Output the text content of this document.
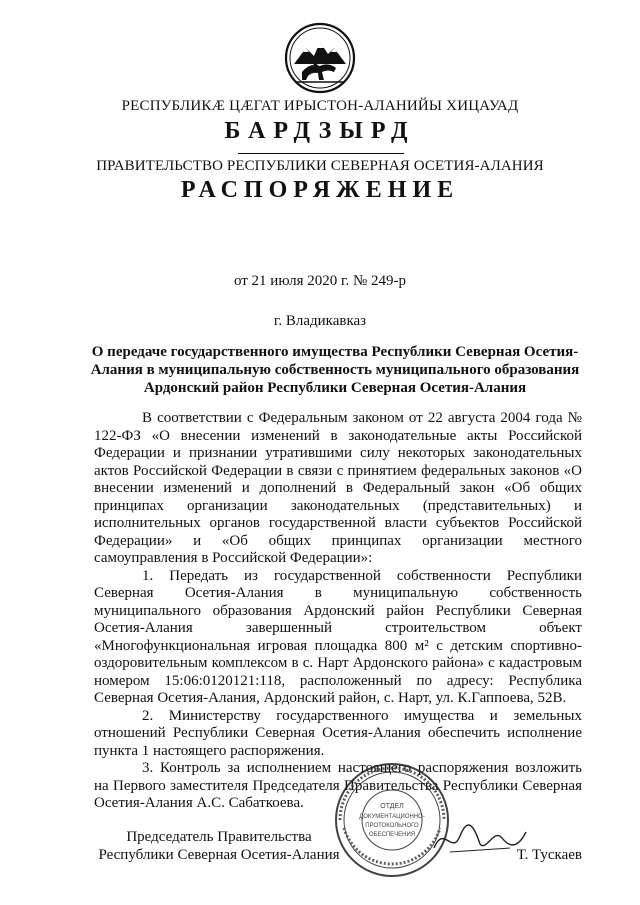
РЕСПУБЛИКӔ ЦӔГАТ ИРЫСТОН-АЛАНИЙЫ ХИЦАУАД
БАРДЗЫРД
ПРАВИТЕЛЬСТВО РЕСПУБЛИКИ СЕВЕРНАЯ ОСЕТИЯ-АЛАНИЯ
РАСПОРЯЖЕНИЕ
от 21 июля 2020 г. № 249-р
г. Владикавказ
О передаче государственного имущества Республики Северная Осетия-Алания в муниципальную собственность муниципального образования Ардонский район Республики Северная Осетия-Алания

В соответствии с Федеральным законом от 22 августа 2004 года № 122-ФЗ «О внесении изменений в законодательные акты Российской Федерации и признании утратившими силу некоторых законодательных актов Российской Федерации в связи с принятием федеральных законов «О внесении изменений и дополнений в Федеральный закон «Об общих принципах организации законодательных (представительных) и исполнительных органов государственной власти субъектов Российской Федерации» и «Об общих принципах организации местного самоуправления в Российской Федерации»:

1. Передать из государственной собственности Республики Северная Осетия-Алания в муниципальную собственность муниципального образования Ардонский район Республики Северная Осетия-Алания завершенный строительством объект «Многофункциональная игровая площадка 800 м² с детским спортивно-оздоровительным комплексом в с. Нарт Ардонского района» с кадастровым номером 15:06:0120121:118, расположенный по адресу: Республика Северная Осетия-Алания, Ардонский район, с. Нарт, ул. К.Гаппоева, 52В.

2. Министерству государственного имущества и земельных отношений Республики Северная Осетия-Алания обеспечить исполнение пункта 1 настоящего распоряжения.

3. Контроль за исполнением настоящего распоряжения возложить на Первого заместителя Председателя Правительства Республики Северная Осетия-Алания А.С. Сабаткоева.

Председатель Правительства
Республики Северная Осетия-Алания
ОТДЕЛ
ДОКУМЕНТАЦИОННО-
ПРОТОКОЛЬНОГО
ОБЕСПЕЧЕНИЯ
Т. Тускаев
